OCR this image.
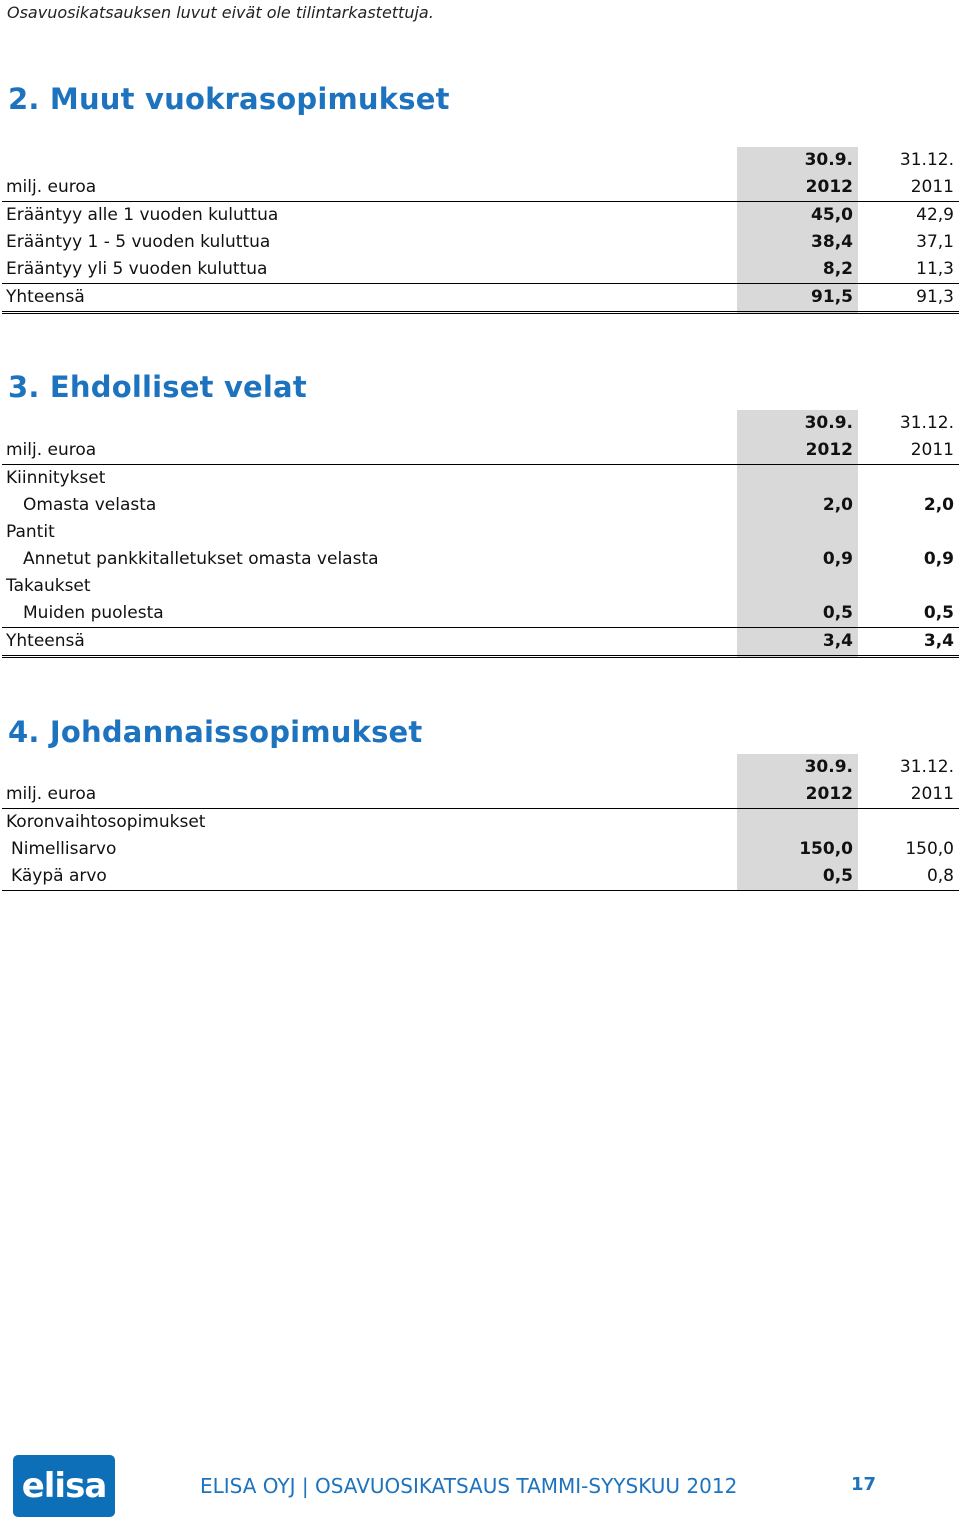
Osavuosikatsauksen luvut eivät ole tilintarkastettuja.
2. Muut vuokrasopimukset
	30.9.	31.12.
milj. euroa	2012	2011
Erääntyy alle 1 vuoden kuluttua	45,0	42,9
Erääntyy 1 - 5 vuoden kuluttua	38,4	37,1
Erääntyy yli 5 vuoden kuluttua	8,2	11,3
Yhteensä	91,5	91,3
3. Ehdolliset velat
	30.9.	31.12.
milj. euroa	2012	2011
Kiinnitykset		
Omasta velasta	2,0	2,0
Pantit		
Annetut pankkitalletukset omasta velasta	0,9	0,9
Takaukset		
Muiden puolesta	0,5	0,5
Yhteensä	3,4	3,4
4. Johdannaissopimukset
	30.9.	31.12.
milj. euroa	2012	2011
Koronvaihtosopimukset		
Nimellisarvo	150,0	150,0
Käypä arvo	0,5	0,8
elisa	ELISA OYJ | OSAVUOSIKATSAUS TAMMI-SYYSKUU 2012	17
